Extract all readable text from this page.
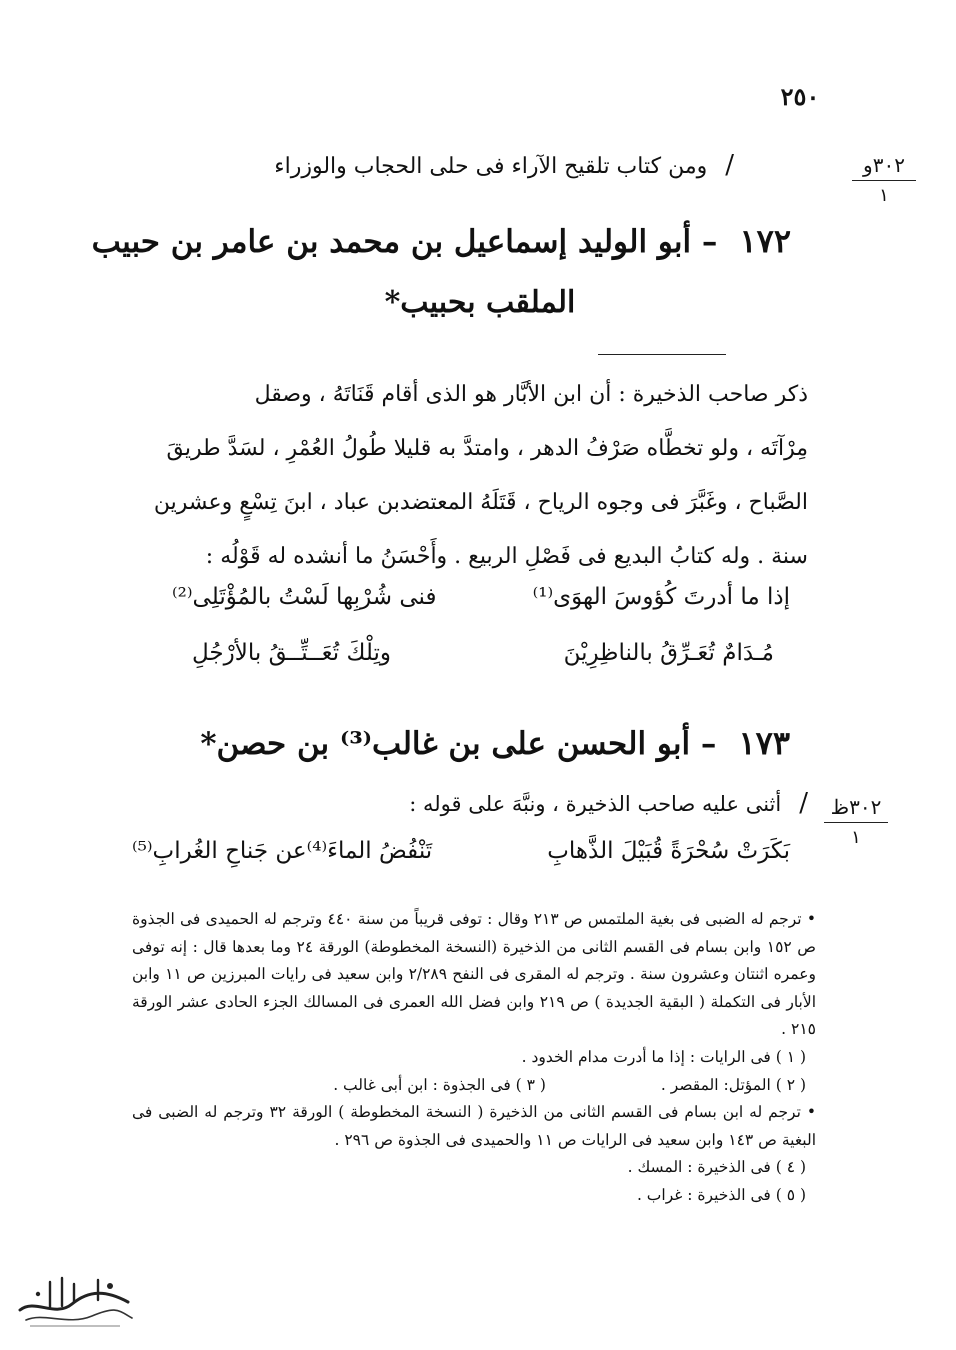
٢٥٠
٣٠٢و
١
/ومن كتاب تلقيح الآراء فى حلى الحجاب والوزراء
١٧٢– أبو الوليد إسماعيل بن محمد بن عامر بن حبيب
الملقب بحبيب*

ذكر صاحب الذخيرة : أن ابن الأبَّار هو الذى أقام قَنَاتَهُ ، وصقل

مِرْآتَه ، ولو تخطَّاه صَرْفُ الدهر ، وامتدَّ به قليلا طُولُ العُمْرِ ، لسَدَّ طريقَ

الصَّباح ، وغَبَّرَ فى وجوه الرياح ، قَتَلَهُ المعتضدبن عباد ، ابنَ تِسْعٍ وعشرين

سنة . وله كتابُ البديع فى فَصْلِ الربيع . وأَحْسَنُ ما أنشده له قَوْلُه :

إذا ما أدرتَ كُؤوسَ الهوَى⁽¹⁾
فنى شُرْبِها لَسْتُ بالمُؤْتَلِى⁽²⁾
مُـدَامٌ تُعَـرِّقُ بالناظِرِيْنَ
وتِلْكَ تُعَــتِّــقُ بالأرْجُلِ
١٧٣– أبو الحسن على بن غالب⁽³⁾ بن حصن*
٣٠٢ظ
١
/أثنى عليه صاحب الذخيرة ، ونبَّهَ على قوله :
بَكَرَتْ سُحْرَةً قُبَيْلَ الذَّهابِ
تَنْفُضُ الماءَ⁽⁴⁾عن جَناحِ الغُرابِ⁽⁵⁾

• ترجم له الضبى فى بغية الملتمس ص ٢١٣ وقال : توفى قريباً من سنة ٤٤٠ وترجم له الحميدى فى الجذوة ص ١٥٢ وابن بسام فى القسم الثانى من الذخيرة (النسخة المخطوطة) الورقة ٢٤ وما بعدها قال : إنه توفى وعمره اثنتان وعشرون سنة . وترجم له المقرى فى النفح ٢/٢٨٩ وابن سعيد فى رايات المبرزين ص ١١ وابن الأبار فى التكملة ( البقية الجديدة ) ص ٢١٩ وابن فضل الله العمرى فى المسالك الجزء الحادى عشر الورقة ٢١٥ .

( ١ ) فى الرايات : إذا ما أدرت مدام الخدود .

( ٢ ) المؤتل: المقصر . ( ٣ ) فى الجذوة : ابن أبى غالب .

• ترجم له ابن بسام فى القسم الثانى من الذخيرة ( النسخة المخطوطة ) الورقة ٣٢ وترجم له الضبى فى البغية ص ١٤٣ وابن سعيد فى الرايات ص ١١ والحميدى فى الجذوة ص ٢٩٦ .

( ٤ ) فى الذخيرة : المسك .

( ٥ ) فى الذخيرة : غراب .
